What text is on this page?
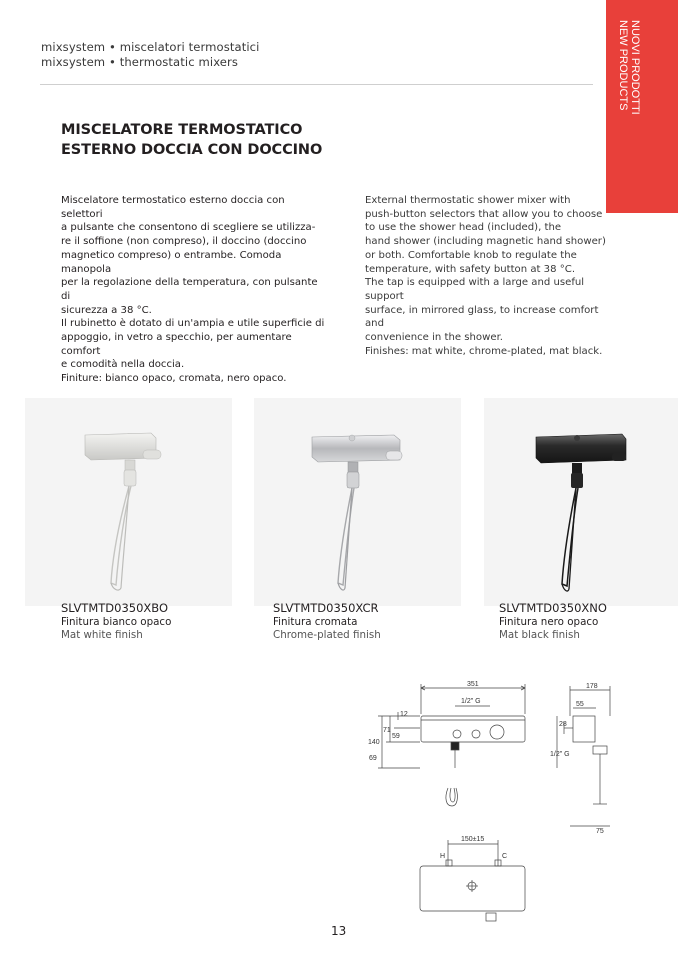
mixsystem • miscelatori termostatici
mixsystem • thermostatic mixers	NUOVI PRODOTTI
NEW PRODUCTS
MISCELATORE TERMOSTATICO
ESTERNO DOCCIA CON DOCCINO

Miscelatore termostatico esterno doccia con selettori

a pulsante che consentono di scegliere se utilizza-

re il soffione (non compreso), il doccino (doccino

magnetico compreso) o entrambe. Comoda manopola

per la regolazione della temperatura, con pulsante di

sicurezza a 38 °C.

Il rubinetto è dotato di un'ampia e utile superficie di

appoggio, in vetro a specchio, per aumentare comfort

e comodità nella doccia.

Finiture: bianco opaco, cromata, nero opaco.

External thermostatic shower mixer with

push-button selectors that allow you to choose

to use the shower head (included), the

hand shower (including magnetic hand shower)

or both. Comfortable knob to regulate the

temperature, with safety button at 38 °C.

The tap is equipped with a large and useful support

surface, in mirrored glass, to increase comfort and

convenience in the shower.

Finishes: mat white, chrome-plated, mat black.

SLVTMTD0350XBO
Finitura bianco opaco
Mat white finish
SLVTMTD0350XCR
Finitura cromata
Chrome-plated finish
SLVTMTD0350XNO
Finitura nero opaco
Mat black finish
351
1/2" G
12
71
59
140
69
178
55
28
1/2" G
75
150±15
H	C
13
